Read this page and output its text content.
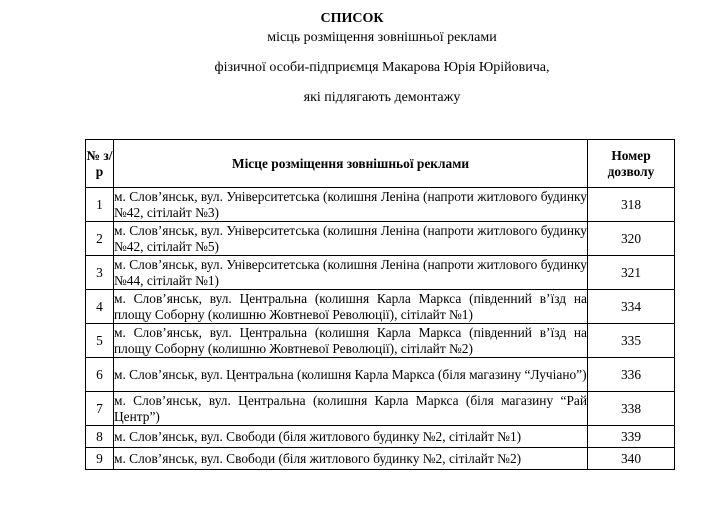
СПИСОК
місць розміщення зовнішньої реклами
фізичної особи-підприємця Макарова Юрія Юрійовича,
які підлягають демонтажу
№ з/р	Місце розміщення зовнішньої реклами	Номер дозволу
1	м. Слов’янськ, вул. Університетська (колишня Леніна (напроти житлового будинку №42, сітілайт №3)	318
2	м. Слов’янськ, вул. Університетська (колишня Леніна (напроти житлового будинку №42, сітілайт №5)	320
3	м. Слов’янськ, вул. Університетська (колишня Леніна (напроти житлового будинку №44, сітілайт №1)	321
4	м. Слов’янськ, вул. Центральна (колишня Карла Маркса (південний в’їзд на площу Соборну (колишню Жовтневої Революції), сітілайт №1)	334
5	м. Слов’янськ, вул. Центральна (колишня Карла Маркса (південний в’їзд на площу Соборну (колишню Жовтневої Революції), сітілайт №2)	335
6	м. Слов’янськ, вул. Центральна (колишня Карла Маркса (біля магазину “Лучіано”)	336
7	м. Слов’янськ, вул. Центральна (колишня Карла Маркса (біля магазину “Рай Центр”)	338
8	м. Слов’янськ, вул. Свободи (біля житлового будинку №2, сітілайт №1)	339
9	м. Слов’янськ, вул. Свободи (біля житлового будинку №2, сітілайт №2)	340
